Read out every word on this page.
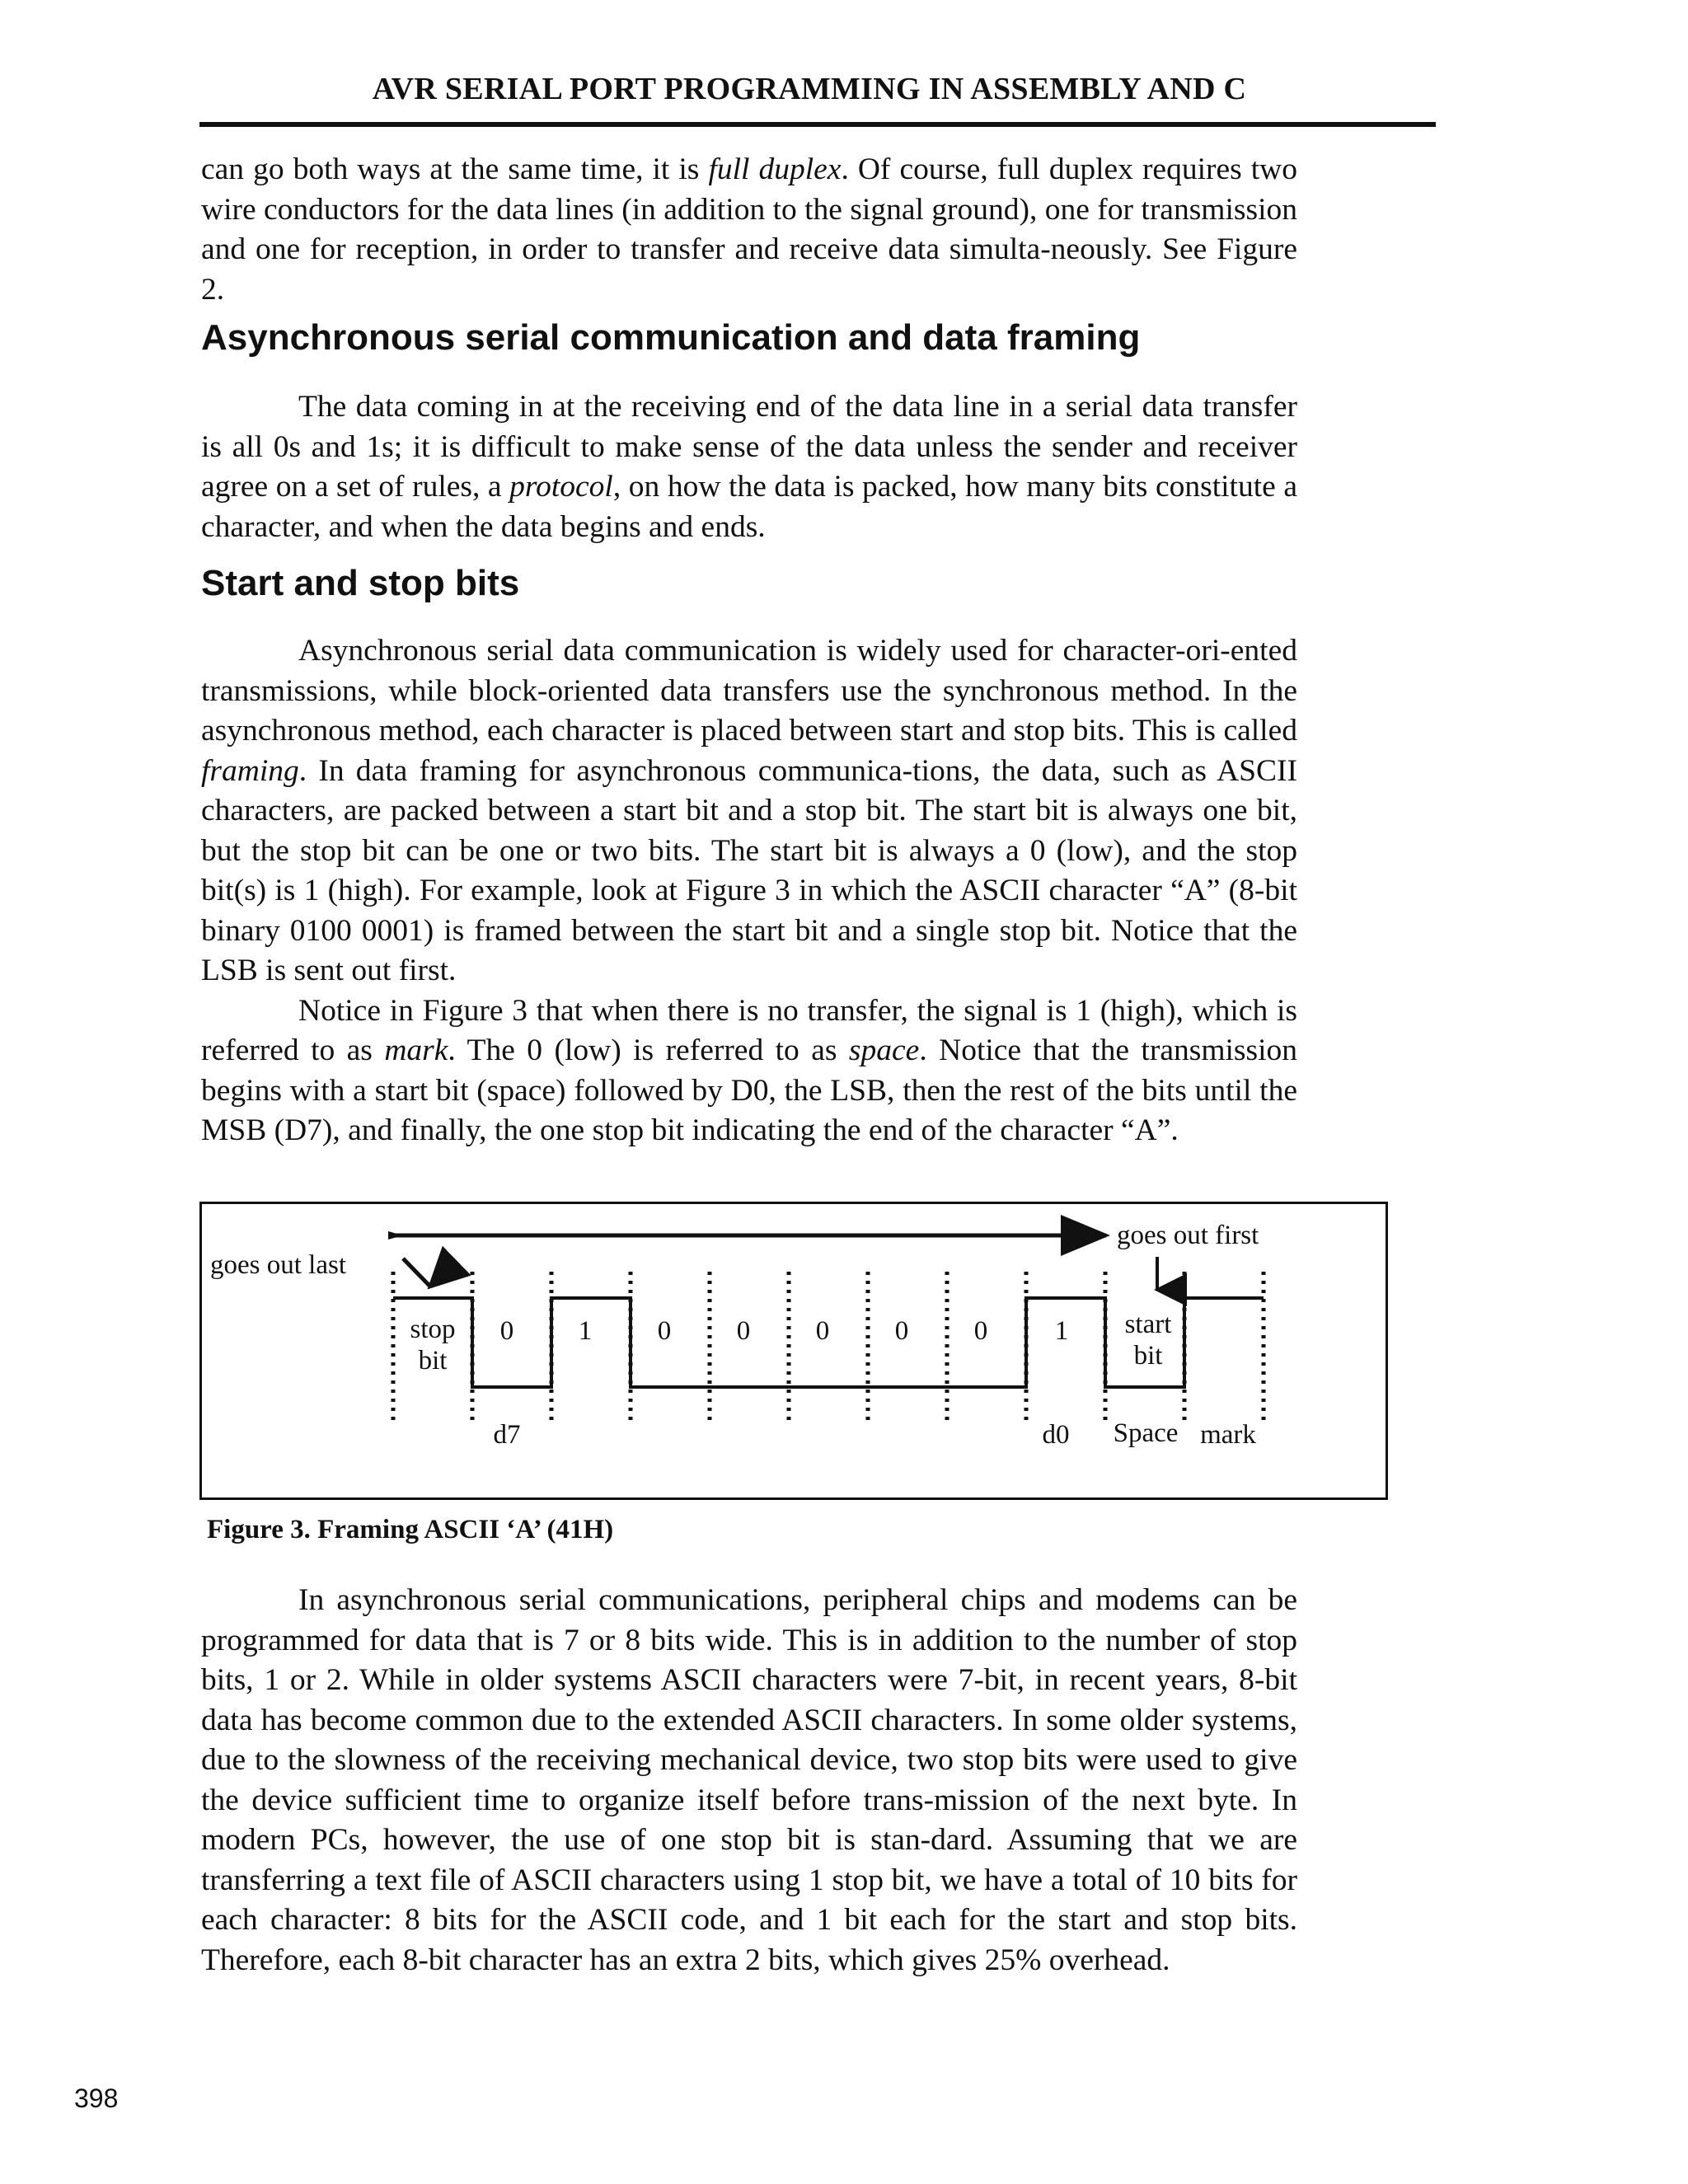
AVR SERIAL PORT PROGRAMMING IN ASSEMBLY AND C

can go both ways at the same time, it is full duplex. Of course, full duplex requires two wire conductors for the data lines (in addition to the signal ground), one for transmission and one for reception, in order to transfer and receive data simulta-neously. See Figure 2.

Asynchronous serial communication and data framing

The data coming in at the receiving end of the data line in a serial data transfer is all 0s and 1s; it is difficult to make sense of the data unless the sender and receiver agree on a set of rules, a protocol, on how the data is packed, how many bits constitute a character, and when the data begins and ends.

Start and stop bits

Asynchronous serial data communication is widely used for character-ori-ented transmissions, while block-oriented data transfers use the synchronous method. In the asynchronous method, each character is placed between start and stop bits. This is called framing. In data framing for asynchronous communica-tions, the data, such as ASCII characters, are packed between a start bit and a stop bit. The start bit is always one bit, but the stop bit can be one or two bits. The start bit is always a 0 (low), and the stop bit(s) is 1 (high). For example, look at Figure 3 in which the ASCII character “A” (8-bit binary 0100 0001) is framed between the start bit and a single stop bit. Notice that the LSB is sent out first.

Notice in Figure 3 that when there is no transfer, the signal is 1 (high), which is referred to as mark. The 0 (low) is referred to as space. Notice that the transmission begins with a start bit (space) followed by D0, the LSB, then the rest of the bits until the MSB (D7), and finally, the one stop bit indicating the end of the character “A”.

goes out first
goes out last
stop
bit
0 1 0 0 0 0 0 1 start
bit
d7	d0 Space mark
Figure 3. Framing ASCII ‘A’ (41H)

In asynchronous serial communications, peripheral chips and modems can be programmed for data that is 7 or 8 bits wide. This is in addition to the number of stop bits, 1 or 2. While in older systems ASCII characters were 7-bit, in recent years, 8-bit data has become common due to the extended ASCII characters. In some older systems, due to the slowness of the receiving mechanical device, two stop bits were used to give the device sufficient time to organize itself before trans-mission of the next byte. In modern PCs, however, the use of one stop bit is stan-dard. Assuming that we are transferring a text file of ASCII characters using 1 stop bit, we have a total of 10 bits for each character: 8 bits for the ASCII code, and 1 bit each for the start and stop bits. Therefore, each 8-bit character has an extra 2 bits, which gives 25% overhead.

398
